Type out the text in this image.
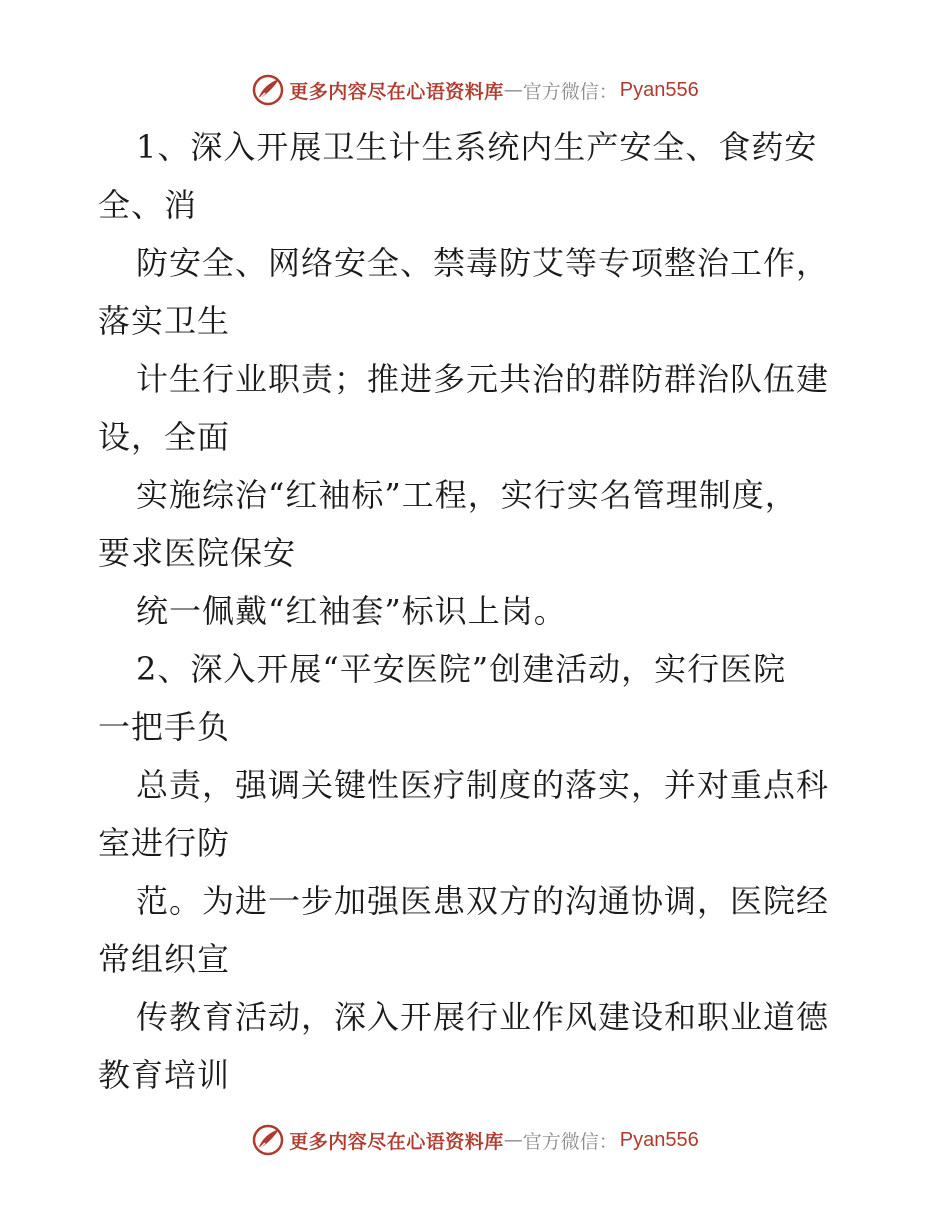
更多内容尽在心语资料库 — 官方微信： Pyan556
1、深入开展卫生计生系统内生产安全、食药安
全、消
防安全、网络安全、禁毒防艾等专项整治工作，
落实卫生
计生行业职责；推进多元共治的群防群治队伍建
设，全面
实施综治“红袖标”工程，实行实名管理制度，
要求医院保安
统一佩戴“红袖套”标识上岗。
2、深入开展“平安医院”创建活动，实行医院
一把手负
总责，强调关键性医疗制度的落实，并对重点科
室进行防
范。为进一步加强医患双方的沟通协调，医院经
常组织宣
传教育活动，深入开展行业作风建设和职业道德
教育培训
更多内容尽在心语资料库 — 官方微信： Pyan556
